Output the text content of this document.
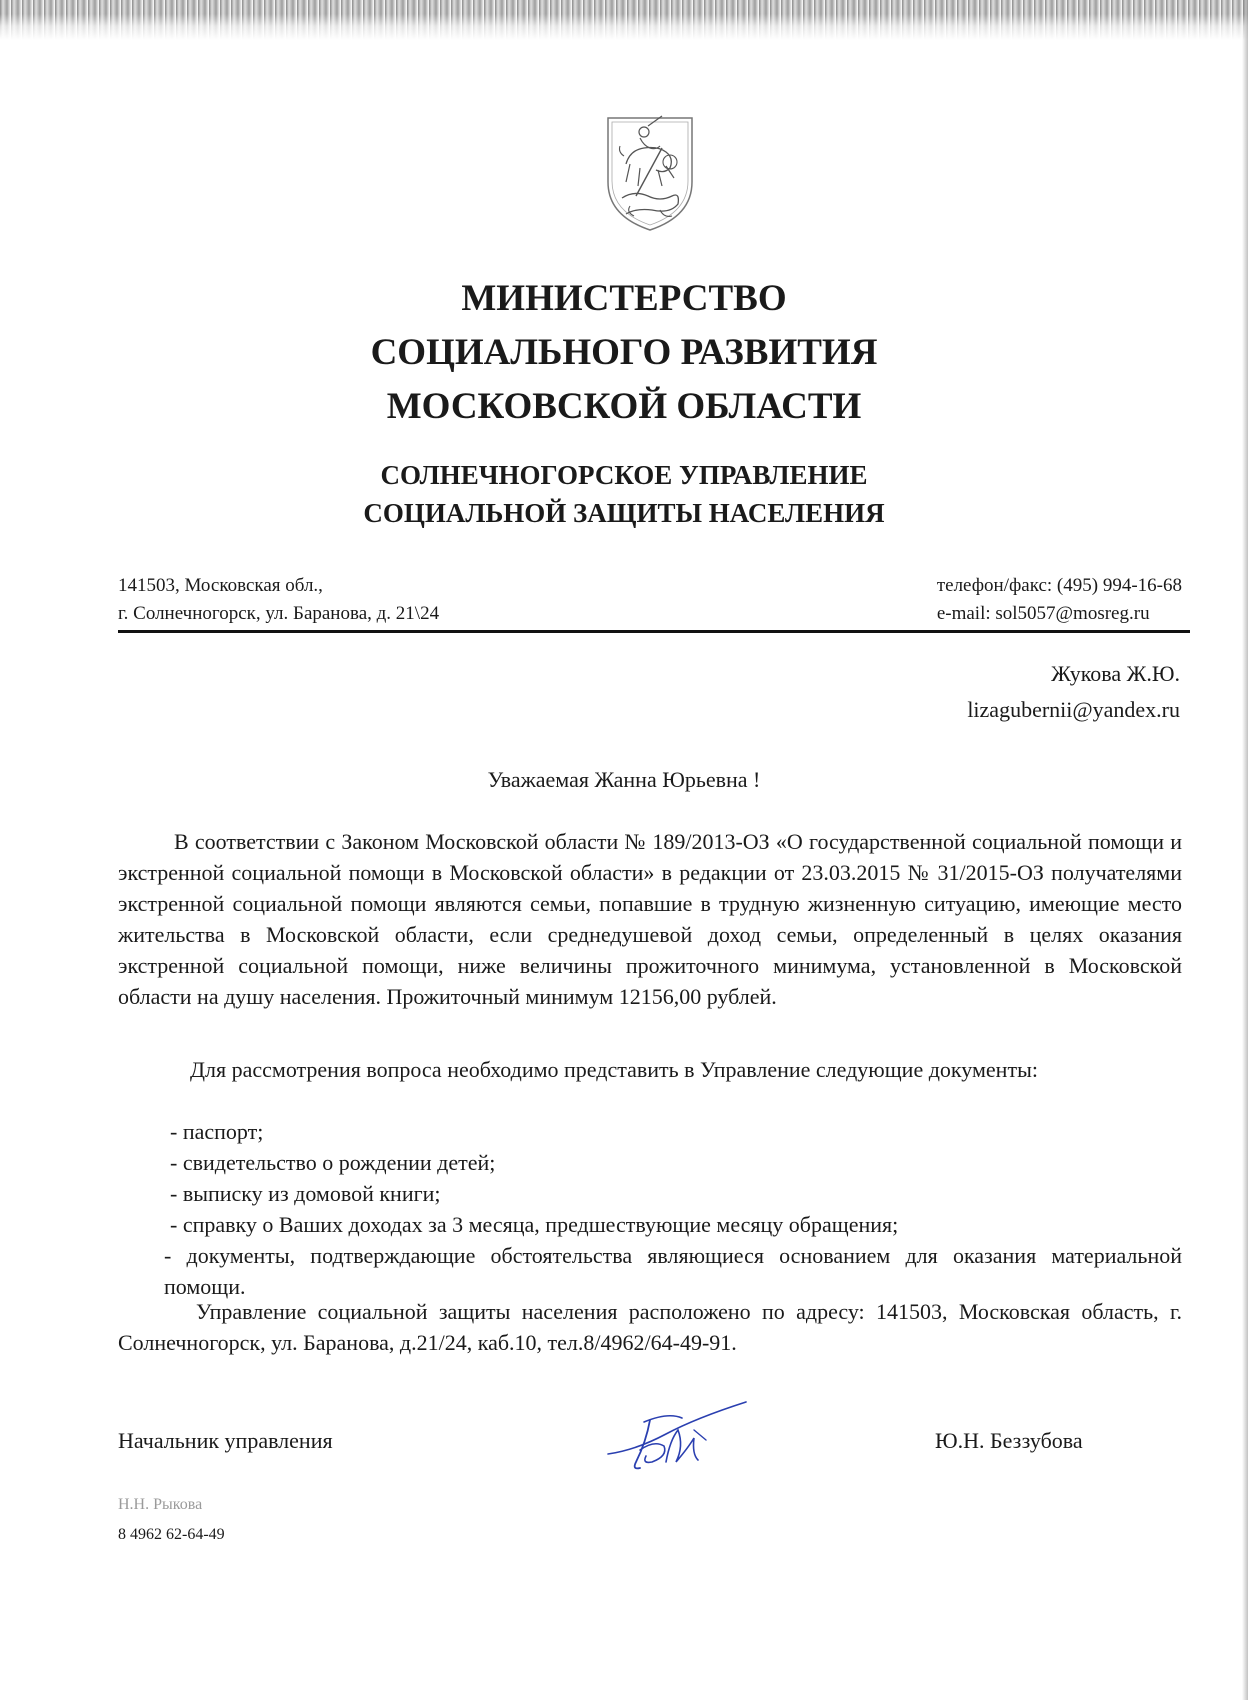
МИНИСТЕРСТВО
СОЦИАЛЬНОГО РАЗВИТИЯ
МОСКОВСКОЙ ОБЛАСТИ
СОЛНЕЧНОГОРСКОЕ УПРАВЛЕНИЕ
СОЦИАЛЬНОЙ ЗАЩИТЫ НАСЕЛЕНИЯ
141503, Московская обл.,
г. Солнечногорск, ул. Баранова, д. 21\24
телефон/факс: (495) 994-16-68
e-mail: sol5057@mosreg.ru
Жукова Ж.Ю.
lizagubernii@yandex.ru
Уважаемая Жанна Юрьевна !
В соответствии с Законом Московской области № 189/2013-ОЗ «О государственной социальной помощи и экстренной социальной помощи в Московской области» в редакции от 23.03.2015 № 31/2015-ОЗ получателями экстренной социальной помощи являются семьи, попавшие в трудную жизненную ситуацию, имеющие место жительства в Московской области, если среднедушевой доход семьи, определенный в целях оказания экстренной социальной помощи, ниже величины прожиточного минимума, установленной в Московской области на душу населения. Прожиточный минимум 12156,00 рублей.
Для рассмотрения вопроса необходимо представить в Управление следующие документы:
- паспорт;
- свидетельство о рождении детей;
- выписку из домовой книги;
- справку о Ваших доходах за 3 месяца, предшествующие месяцу обращения;
- документы, подтверждающие обстоятельства являющиеся основанием для оказания материальной помощи.
Управление социальной защиты населения расположено по адресу: 141503, Московская область, г. Солнечногорск, ул. Баранова, д.21/24, каб.10, тел.8/4962/64-49-91.
Начальник управления	Ю.Н. Беззубова
Н.Н. Рыкова
8 4962 62-64-49
